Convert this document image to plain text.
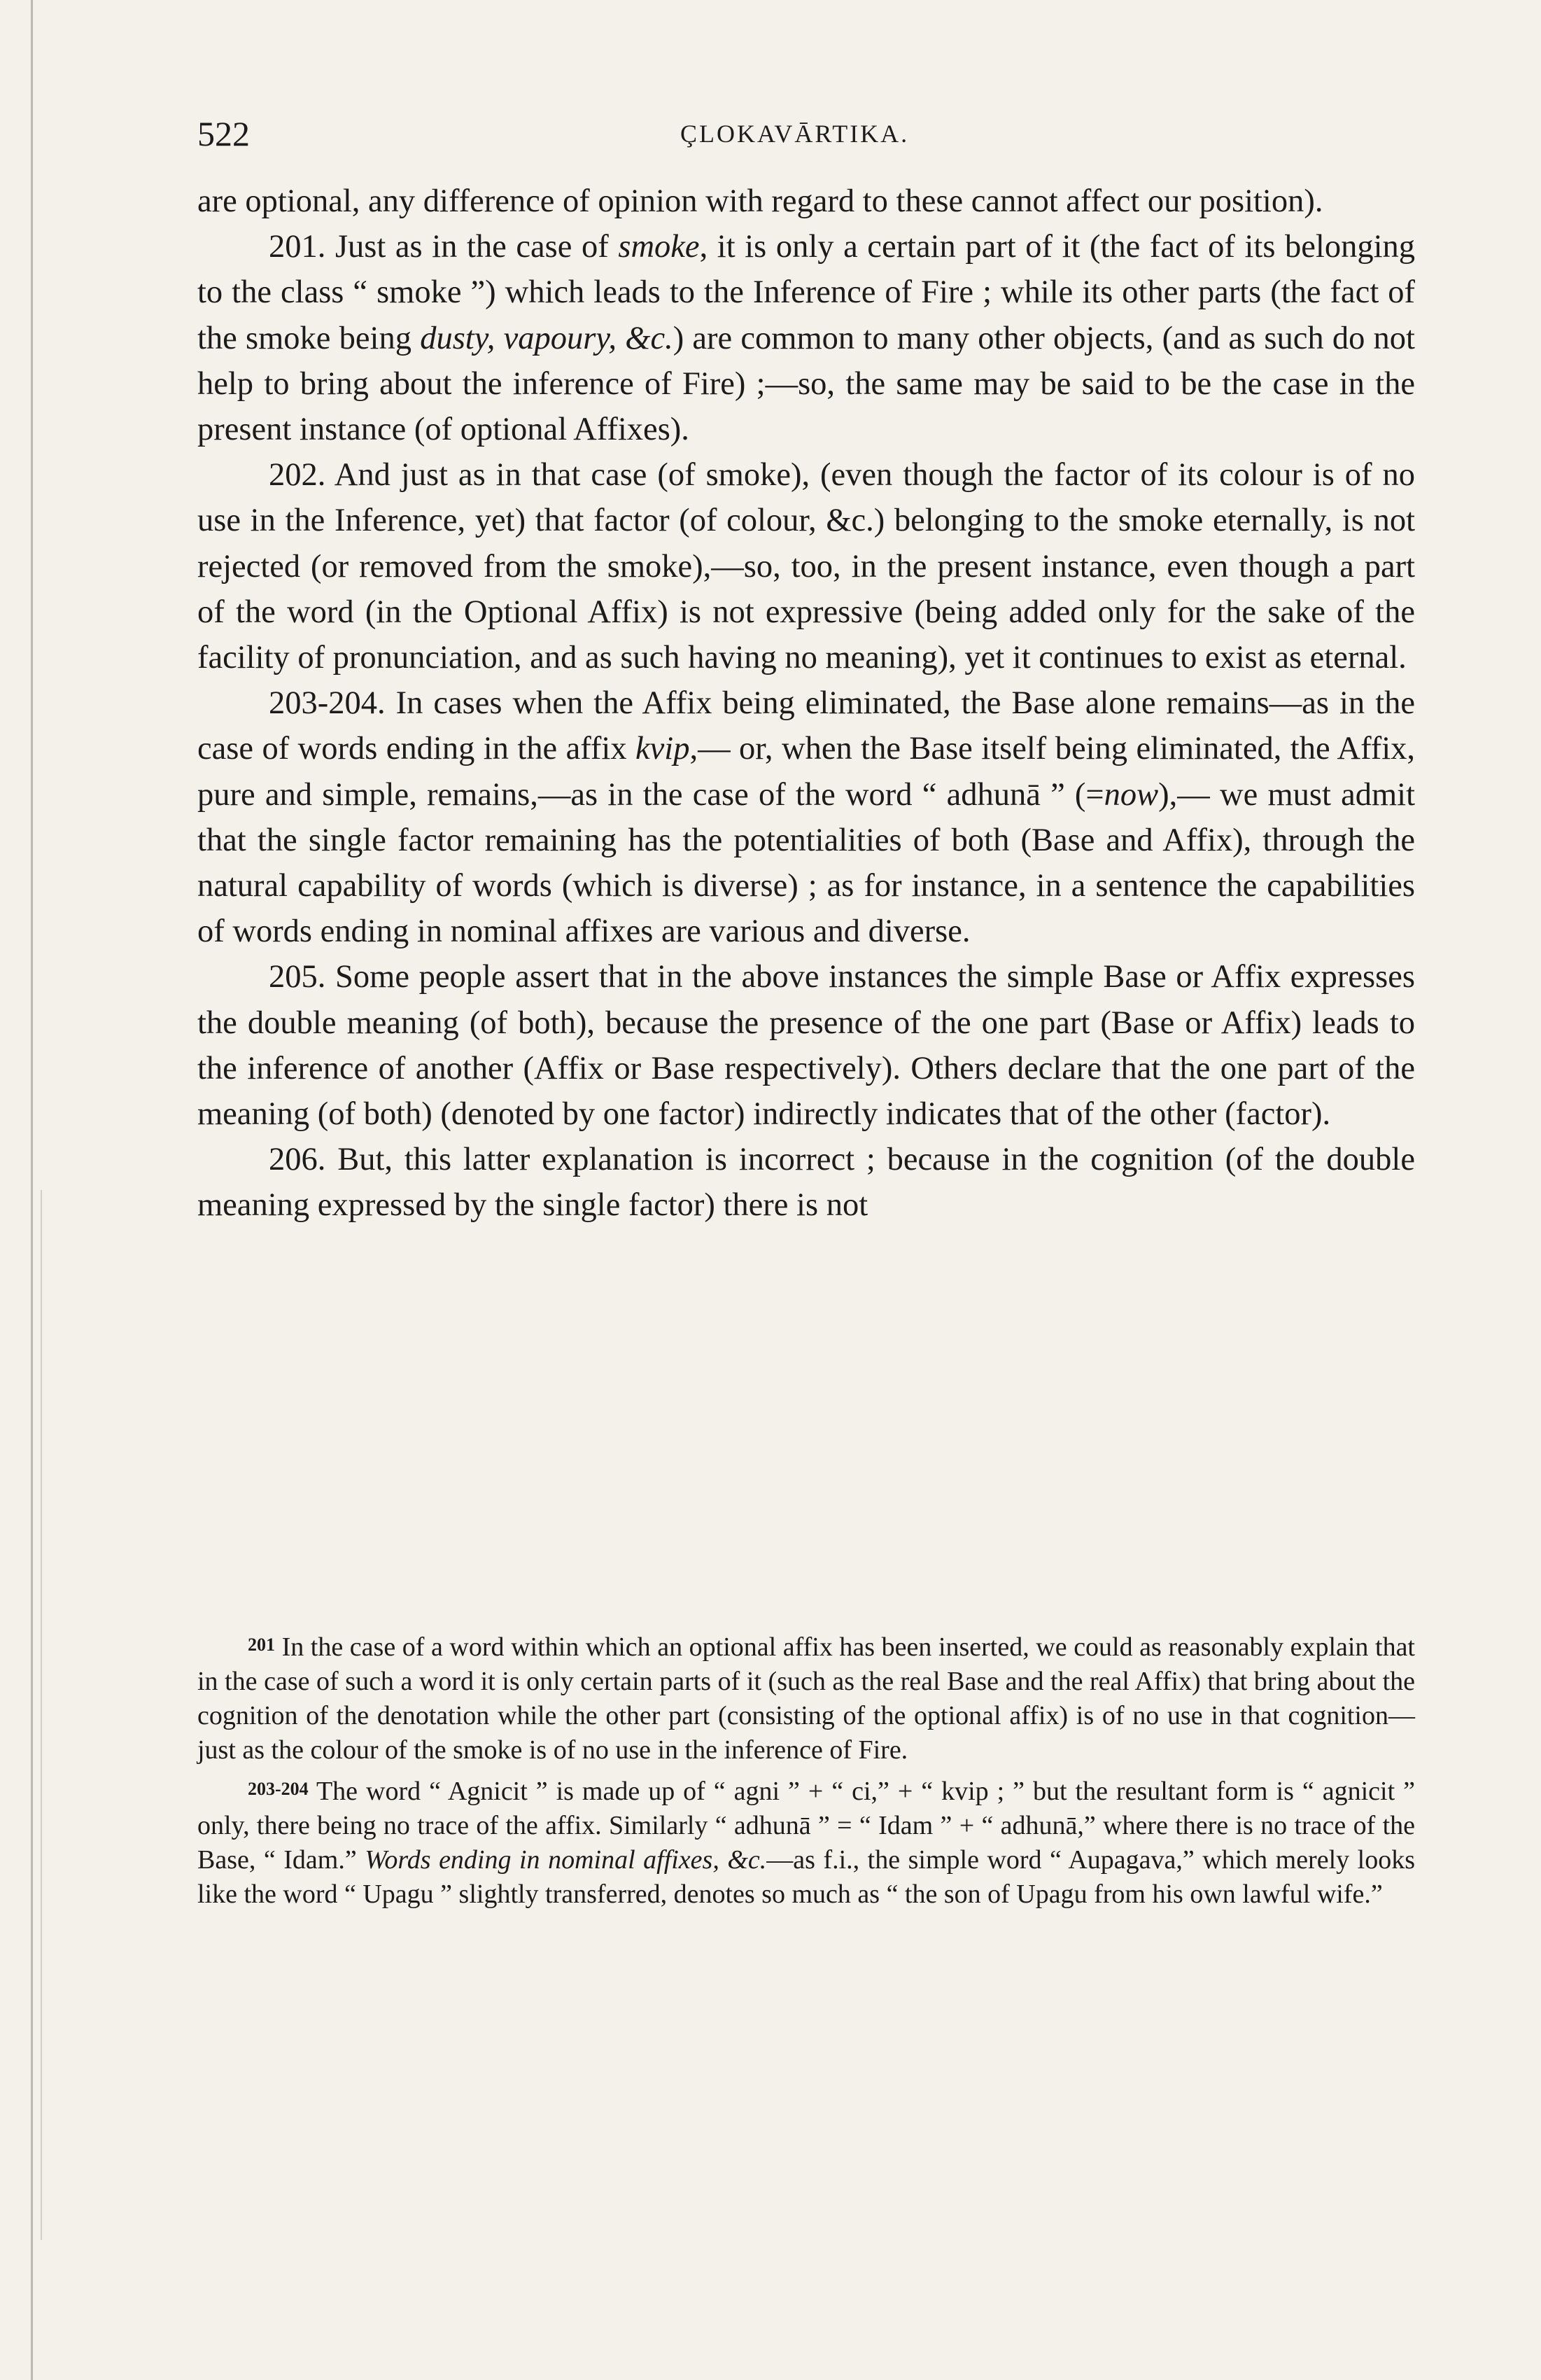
522	ÇLOKAVĀRTIKA.

are optional, any difference of opinion with regard to these cannot affect our position).

201. Just as in the case of smoke, it is only a certain part of it (the fact of its belonging to the class “ smoke ”) which leads to the Inference of Fire ; while its other parts (the fact of the smoke being dusty, vapoury, &c.) are common to many other objects, (and as such do not help to bring about the inference of Fire) ;—so, the same may be said to be the case in the present instance (of optional Affixes).

202. And just as in that case (of smoke), (even though the factor of its colour is of no use in the Inference, yet) that factor (of colour, &c.) belonging to the smoke eternally, is not rejected (or removed from the smoke),—so, too, in the present instance, even though a part of the word (in the Optional Affix) is not expressive (being added only for the sake of the facility of pronunciation, and as such having no meaning), yet it continues to exist as eternal.

203-204. In cases when the Affix being eliminated, the Base alone remains—as in the case of words ending in the affix kvip,— or, when the Base itself being eliminated, the Affix, pure and simple, remains,—as in the case of the word “ adhunā ” (=now),— we must admit that the single factor remaining has the potentialities of both (Base and Affix), through the natural capability of words (which is diverse) ; as for instance, in a sentence the capabilities of words ending in nominal affixes are various and diverse.

205. Some people assert that in the above instances the simple Base or Affix expresses the double meaning (of both), because the presence of the one part (Base or Affix) leads to the inference of another (Affix or Base respectively). Others declare that the one part of the meaning (of both) (denoted by one factor) indirectly indicates that of the other (factor).

206. But, this latter explanation is incorrect ; because in the cognition (of the double meaning expressed by the single factor) there is not

201 In the case of a word within which an optional affix has been inserted, we could as reasonably explain that in the case of such a word it is only certain parts of it (such as the real Base and the real Affix) that bring about the cognition of the denotation while the other part (consisting of the optional affix) is of no use in that cognition—just as the colour of the smoke is of no use in the inference of Fire.

203-204 The word “ Agnicit ” is made up of “ agni ” + “ ci,” + “ kvip ; ” but the resultant form is “ agnicit ” only, there being no trace of the affix. Similarly “ adhunā ” = “ Idam ” + “ adhunā,” where there is no trace of the Base, “ Idam.” Words ending in nominal affixes, &c.—as f.i., the simple word “ Aupagava,” which merely looks like the word “ Upagu ” slightly transferred, denotes so much as “ the son of Upagu from his own lawful wife.”
